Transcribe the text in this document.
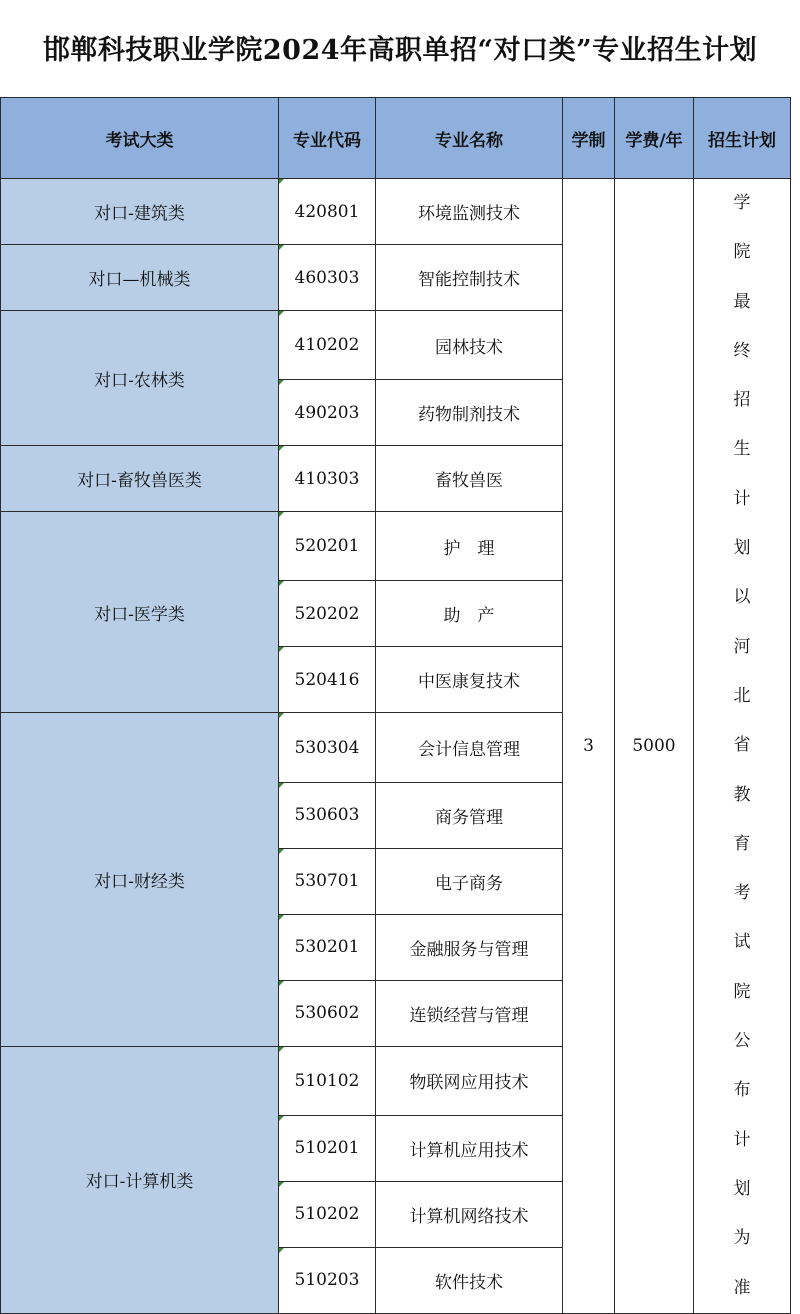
邯郸科技职业学院2024年高职单招“对口类”专业招生计划
考试大类	专业代码	专业名称	学制	学费/年	招生计划
对口-建筑类	420801	环境监测技术	3	5000	学院最终招生计划以河北省教育考试院公布计划为准

对口—机械类	460303	智能控制技术			
对口-农林类	410202	园林技术			
	490203	药物制剂技术			
对口-畜牧兽医类	410303	畜牧兽医			
对口-医学类	520201	护　理			
	520202	助　产			
	520416	中医康复技术			
对口-财经类	530304	会计信息管理			
	530603	商务管理			
	530701	电子商务			
	530201	金融服务与管理			
	530602	连锁经营与管理			
对口-计算机类	510102	物联网应用技术			
	510201	计算机应用技术			
	510202	计算机网络技术			
	510203	软件技术			
